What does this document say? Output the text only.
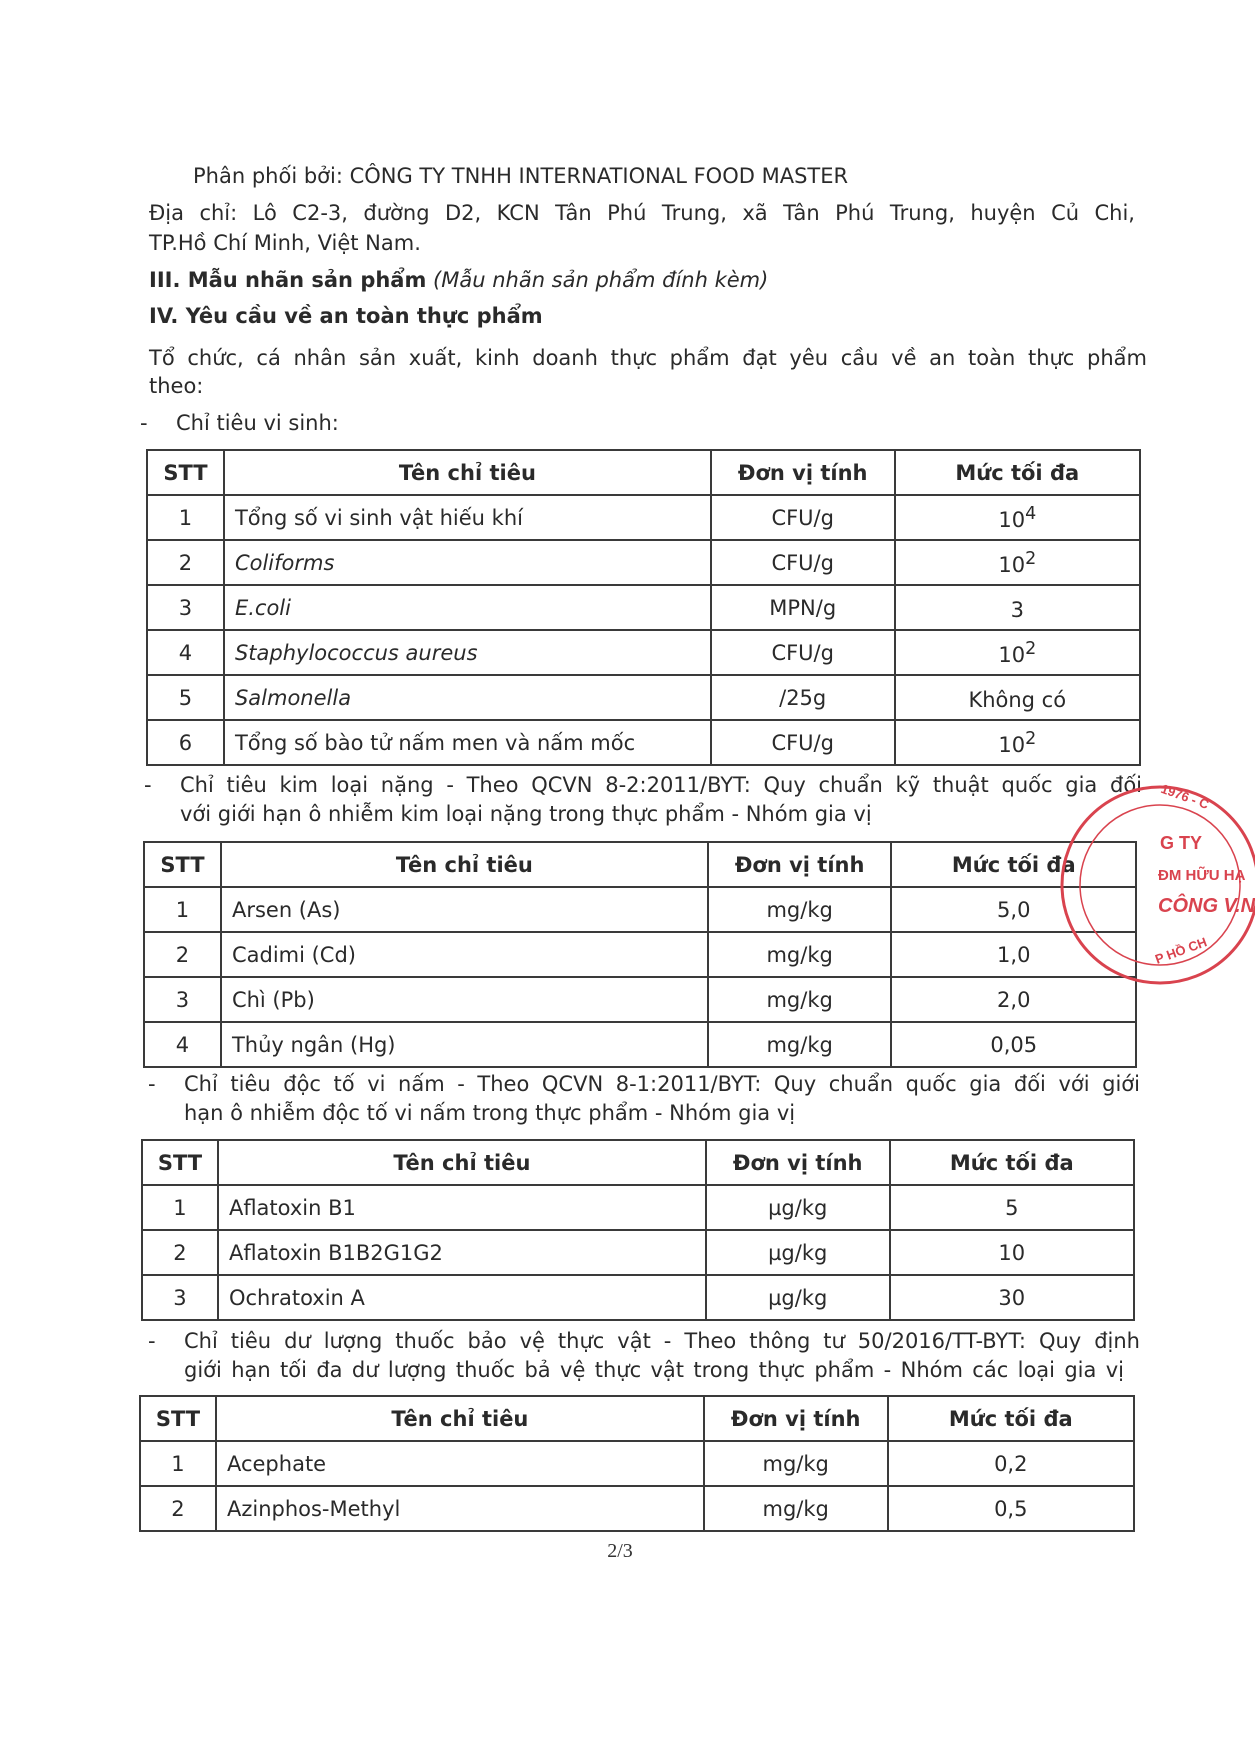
Phân phối bởi: CÔNG TY TNHH INTERNATIONAL FOOD MASTER
Địa chỉ: Lô C2-3, đường D2, KCN Tân Phú Trung, xã Tân Phú Trung, huyện Củ Chi,
TP.Hồ Chí Minh, Việt Nam.
III. Mẫu nhãn sản phẩm (Mẫu nhãn sản phẩm đính kèm)
IV. Yêu cầu về an toàn thực phẩm
Tổ chức, cá nhân sản xuất, kinh doanh thực phẩm đạt yêu cầu về an toàn thực phẩm
theo:
- Chỉ tiêu vi sinh:
STT	Tên chỉ tiêu	Đơn vị tính	Mức tối đa
1	Tổng số vi sinh vật hiếu khí	CFU/g	$10^4$
2	Coliforms	CFU/g	$10^2$
3	E.coli	MPN/g	3
4	Staphylococcus aureus	CFU/g	$10^2$
5	Salmonella	/25g	Không có
6	Tổng số bào tử nấm men và nấm mốc	CFU/g	$10^2$
- Chỉ tiêu kim loại nặng - Theo QCVN 8-2:2011/BYT: Quy chuẩn kỹ thuật quốc gia đối
với giới hạn ô nhiễm kim loại nặng trong thực phẩm - Nhóm gia vị
STT	Tên chỉ tiêu	Đơn vị tính	Mức tối đa
1	Arsen (As)	mg/kg	5,0
2	Cadimi (Cd)	mg/kg	1,0
3	Chì (Pb)	mg/kg	2,0
4	Thủy ngân (Hg)	mg/kg	0,05
- Chỉ tiêu độc tố vi nấm - Theo QCVN 8-1:2011/BYT: Quy chuẩn quốc gia đối với giới
hạn ô nhiễm độc tố vi nấm trong thực phẩm - Nhóm gia vị
STT	Tên chỉ tiêu	Đơn vị tính	Mức tối đa
1	Aflatoxin B1	µg/kg	5
2	Aflatoxin B1B2G1G2	µg/kg	10
3	Ochratoxin A	µg/kg	30
- Chỉ tiêu dư lượng thuốc bảo vệ thực vật - Theo thông tư 50/2016/TT-BYT: Quy định
giới hạn tối đa dư lượng thuốc bả vệ thực vật trong thực phẩm - Nhóm các loại gia vị
STT	Tên chỉ tiêu	Đơn vị tính	Mức tối đa
1	Acephate	mg/kg	0,2
2	Azinphos-Methyl	mg/kg	0,5
2/3
1976 - C
G TY
ĐM HỮU HẠ
CÔNG V.N
P HỒ CH
